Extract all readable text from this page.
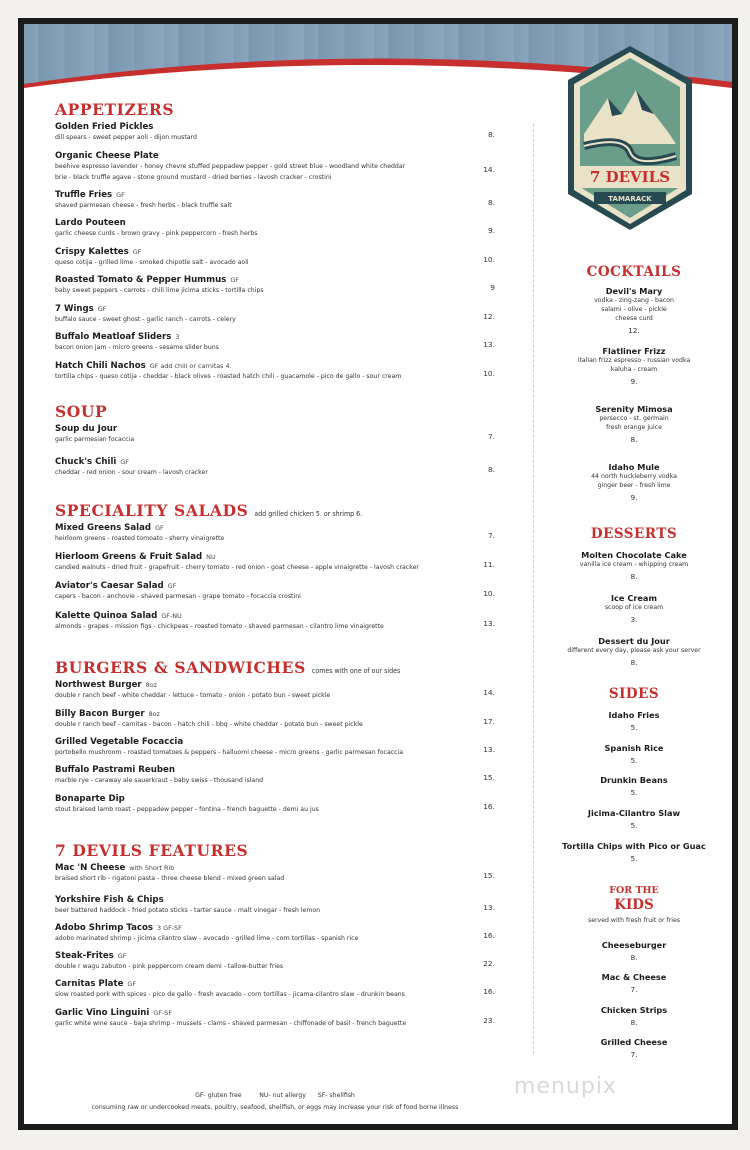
7 DEVILS
TAMARACK
APPETIZERS
Golden Fried Pickles
dill spears - sweet pepper aoli - dijon mustard	8.
Organic Cheese Plate
beehive espresso lavender - honey chevre stuffed peppadew pepper - gold street blue - woodland white cheddar
brie - black truffle agave - stone ground mustard - dried berries - lavosh cracker - crostini
14.
Truffle Fries GF
shaved parmesan cheese - fresh herbs - black truffle salt	8.
Lardo Pouteen
garlic cheese curds - brown gravy - pink peppercorn - fresh herbs	9.
Crispy Kalettes GF
queso cotija - grilled lime - smoked chipotle salt - avocado aoli	10.
Roasted Tomato & Pepper Hummus GF
baby sweet peppers - carrots - chili lime jicima sticks - tortilla chips	9
7 Wings GF
buffalo sauce - sweet ghost - garlic ranch - carrots - celery	12.
Buffalo Meatloaf Sliders 3
bacon onion jam - micro greens - sesame slider buns	13.
Hatch Chili Nachos GF add chili or carnitas 4.
tortilla chips - queso cotija - cheddar - black olives - roasted hatch chili - guacamole - pico de gallo - sour cream	10.
SOUP
Soup du Jour
garlic parmesian focaccia	7.
Chuck's Chili GF
cheddar - red onion - sour cream - lavosh cracker	8.
SPECIALITY SALADS add grilled chicken 5. or shrimp 6.
Mixed Greens Salad GF
heirloom greens - roasted tomoato - sherry vinaigrette	7.
Hierloom Greens & Fruit Salad NU
candied walnuts - dried fruit - grapefruit - cherry tomato - red onion - goat cheese - apple vinaigrette - lavosh cracker	11.
Aviator's Caesar Salad GF
capers - bacon - anchovie - shaved parmesan - grape tomato - focaccia crostini	10.
Kalette Quinoa Salad GF-NU
almonds - grapes - mission figs - chickpeas - roasted tomato - shaved parmesan - cilantro lime vinaigrette	13.
BURGERS & SANDWICHES comes with one of our sides
Northwest Burger 8oz
double r ranch beef - white cheddar - lettuce - tomato - onion - potato bun - sweet pickle	14.
Billy Bacon Burger 8oz
double r ranch beef - carnitas - bacon - hatch chili - bbq - white cheddar - potato bun - sweet pickle	17.
Grilled Vegetable Focaccia
portobello mushroom - roasted tomatoes & peppers - halluomi cheese - micro greens - garlic parmesan focaccia	13.
Buffalo Pastrami Reuben
marble rye - caraway ale sauerkraut - baby swiss - thousand island	15.
Bonaparte Dip
stout braised lamb roast - peppadew pepper - fontina - french baguette - demi au jus	16.
7 DEVILS FEATURES
Mac 'N Cheese with Short Rib
braised short rib - rigatoni pasta - three cheese blend - mixed green salad	15.
Yorkshire Fish & Chips
beer battered haddock - fried potato sticks - tarter sauce - malt vinegar - fresh lemon	13.
Adobo Shrimp Tacos 3 GF-SF
adobo marinated shrimp - jicima cilantro slaw - avocado - grilled lime - corn tortillas - spanish rice	16.
Steak-Frites GF
double r wagu zabuton - pink peppercorn cream demi - tallow-butter fries	22.
Carnitas Plate GF
slow roasted pork with spices - pico de gallo - fresh avacado - corn tortillas - jicama-cilantro slaw - drunkin beans	16.
Garlic Vino Linguini GF-SF
garlic white wine sauce - baja shrimp - mussels - clams - shaved parmesan - chiffonade of basil - french baguette	23.
COCKTAILS
Devil's Mary
vodka - zing-zang - bacon
salami - olive - pickle
cheese curd
12.
Flatliner Frizz
italian frizz espresso - russian vodka
kaluha - cream
9.
Serenity Mimosa
persecco - st. germain
fresh orange juice
8.
Idaho Mule
44 north huckleberry vodka
ginger beer - fresh lime
9.
DESSERTS
Molten Chocolate Cake
vanilla ice cream - whipping cream
8.
Ice Cream
scoop of ice cream
3.
Dessert du Jour
different every day, please ask your server
8.
SIDES
Idaho Fries
5.
Spanish Rice
5.
Drunkin Beans
5.
Jicima-Cilantro Slaw
5.
Tortilla Chips with Pico or Guac
5.
FOR THE
KIDS
served with fresh fruit or fries
Cheeseburger
8.
Mac & Cheese
7.
Chicken Strips
8.
Grilled Cheese
7.
GF- gluten free         NU- nut allergy      SF- shellfish
consuming raw or undercooked meats, poultry, seafood, shellfish, or eggs may increase your risk of food borne illness
menupix
